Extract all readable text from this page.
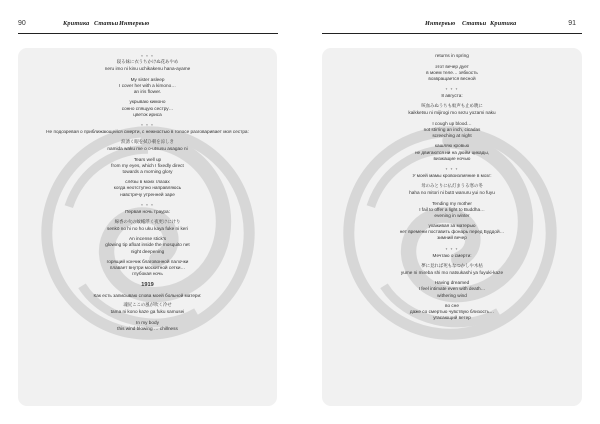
90	Критика Статьи Интервью	Интервью Статьи Критика	91
* * *
寝る妹に衣うちかけぬ花あやめ
neru imo ni kinu uchikakenu hana-ayame
My sister asleep
I cover her with a kimono…
an iris flower.
укрываю кимоно
сонно спящую сестру…
цветок ириса
* * *
Не подозревая о приближающейся смерти, с нежностью в голосе разговаривает моя сестра:
涙湧く眼を拭ひ朝を涼しき
namida waku me o o-utsusu asagao ni
Tears well up
from my eyes, which I fixedly direct
towards a morning glory
слёзы в моих глазах
когда неотступно направляюсь
навстречу утренней заре
* * *
Первая ночь траура:
線香の火の蚊帳浮く夜更けにけり
senkō no hi no ho uku kaya fuke ni keri
An incense stick's
glowing tip afloat inside the mosquito net
night deepening
горящий кончик благовонной палочки
плавает внутри москитной сетки…
глубокая ночь
1919
Как есть записываю слова моей больной матери:
魂尻ここの風が吹く冷せ
tama ni kono kaze ga fuku samusei
In my body
this wind blowing … chillness
returns in spring
этот вечер дует
в моем теле… зябкость
возвращается весной
* * *
8 августа:
咳血みぬうちも蚊声も止め暁に
kaikketsu ni mijirogi mo sezu yozami naku
I cough up blood…
not stirring an inch, cicadas
screeching at night
кашляю кровью
не двигаются ни на дюйм цикады,
визжащие ночью
* * *
У моей мамы кровоизлияние в мозг:
母のみとりに仏灯まうる寒の冬
haha no mitori ni butō wanuru yui no fuyu
Tending my mother
I fail to offer a light to Buddha…
evening in winter
ухаживая за матерью
нет времени поставить фонарь перед Буддой…
зимний вечер
* * *
Мечтаю о смерти:
夢に見れば死もなつかしや木枯
yume ni mireba shi mo natsukashi ya fuyuki-kaze
Having dreamed
I feel intimate even with death…
withering wind
во сне
даже со смертью чувствую близость…
угасающий ветер
